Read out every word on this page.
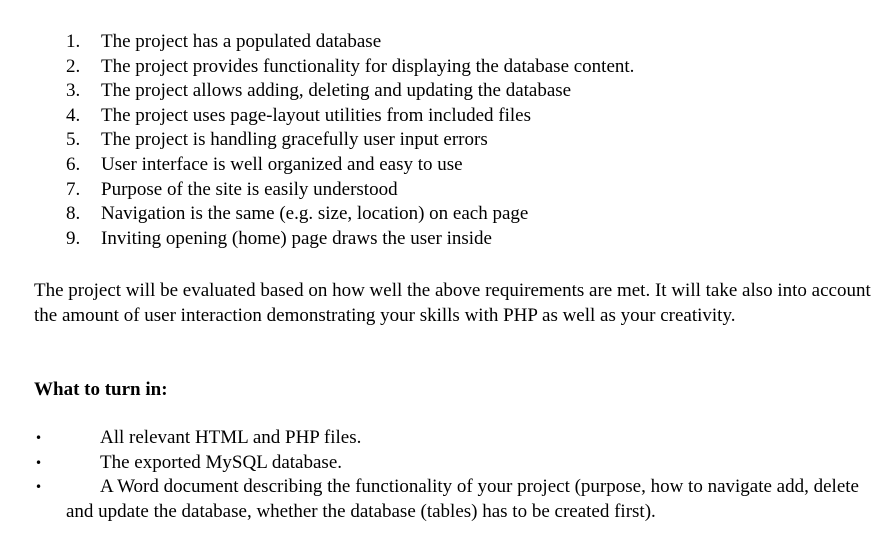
1. The project has a populated database
2. The project provides functionality for displaying the database content.
3. The project allows adding, deleting and updating the database
4. The project uses page-layout utilities from included files
5. The project is handling gracefully user input errors
6. User interface is well organized and easy to use
7. Purpose of the site is easily understood
8. Navigation is the same (e.g. size, location) on each page
9. Inviting opening (home) page draws the user inside

The project will be evaluated based on how well the above requirements are met. It will take also into account the amount of user interaction demonstrating your skills with PHP as well as your creativity.

What to turn in:
•	All relevant HTML and PHP files.
•	The exported MySQL database.
•	A Word document describing the functionality of your project (purpose, how to navigate add, delete and update the database, whether the database (tables) has to be created first).
